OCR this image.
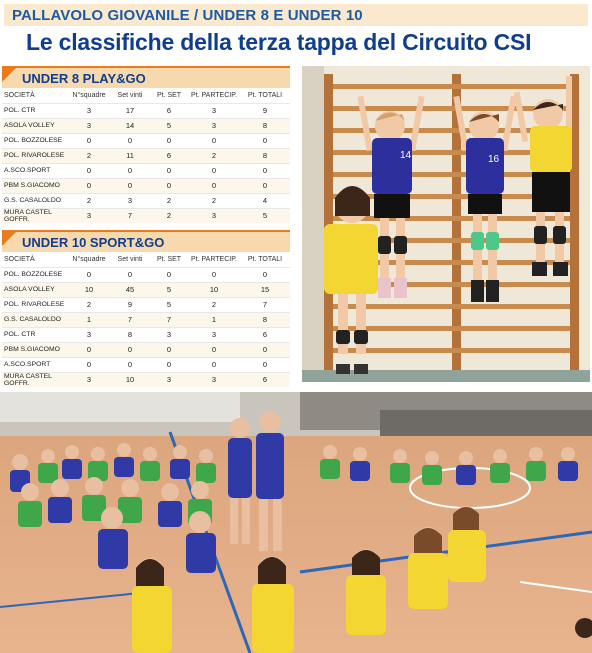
PALLAVOLO GIOVANILE / UNDER 8 E UNDER 10
Le classifiche della terza tappa del Circuito CSI
UNDER 8 PLAY&GO
SOCIETÀ	N°squadre	Set vinti	Pt. SET	Pt. PARTECIP.	Pt. TOTALI
POL. CTR	3	17	6	3	9
ASOLA VOLLEY	3	14	5	3	8
POL. BOZZOLESE	0	0	0	0	0
POL. RIVAROLESE	2	11	6	2	8
A.SCO.SPORT	0	0	0	0	0
PBM S.GIACOMO	0	0	0	0	0
G.S. CASALOLDO	2	3	2	2	4
MURA CASTEL GOFFR.	3	7	2	3	5
UNDER 10 SPORT&GO
SOCIETÀ	N°squadre	Set vinti	Pt. SET	Pt. PARTECIP.	Pt. TOTALI
POL. BOZZOLESE	0	0	0	0	0
ASOLA VOLLEY	10	45	5	10	15
POL. RIVAROLESE	2	9	5	2	7
G.S. CASALOLDO	1	7	7	1	8
POL. CTR	3	8	3	3	6
PBM S.GIACOMO	0	0	0	0	0
A.SCO.SPORT	0	0	0	0	0
MURA CASTEL GOFFR.	3	10	3	3	6
14	16
